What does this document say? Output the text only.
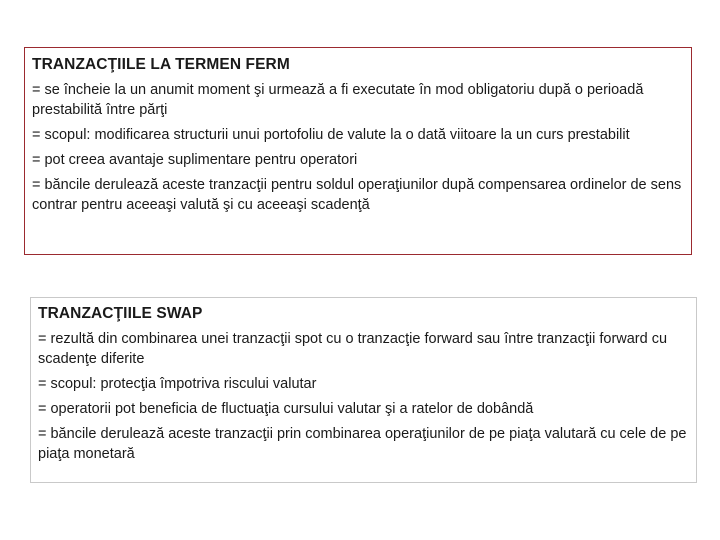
TRANZACŢIILE LA TERMEN FERM
= se încheie la un anumit moment şi urmează a fi executate în mod obligatoriu după o perioadă prestabilită între părţi
= scopul: modificarea structurii unui portofoliu de valute la o dată viitoare la un curs prestabilit
= pot creea avantaje suplimentare pentru operatori
= băncile derulează aceste tranzacţii pentru soldul operaţiunilor după compensarea ordinelor de sens contrar pentru aceeaşi valută şi cu aceeaşi scadenţă
TRANZACŢIILE SWAP
= rezultă din combinarea unei tranzacţii spot cu o tranzacţie forward sau între tranzacţii forward cu scadenţe diferite
= scopul: protecţia împotriva riscului valutar
= operatorii pot beneficia de fluctuaţia cursului valutar şi a ratelor de dobândă
= băncile derulează aceste tranzacţii prin combinarea operaţiunilor de pe piaţa valutară cu cele de pe piaţa monetară
